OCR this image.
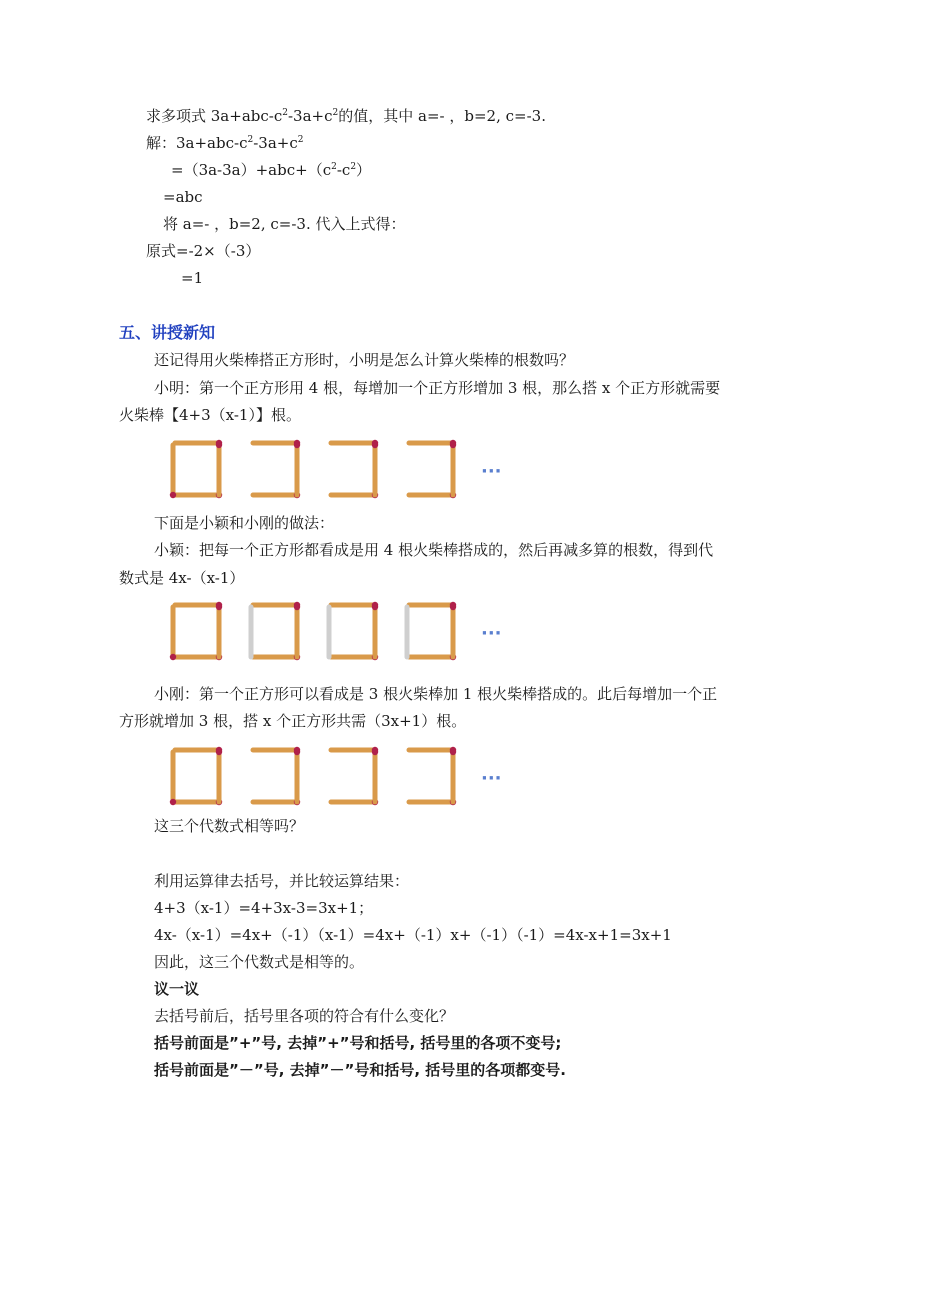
求多项式 $3a+abc-c^2-3a+c^2$的值，其中 a=- ，b=2, c=-3.
解：$3a+abc-c^2-3a+c^2$
$=(3a-3a)+abc+(c^2-c^2)$
=abc
将 a=- ，b=2, c=-3. 代入上式得：
原式=-2×（-3）
=1
五、讲授新知
还记得用火柴棒搭正方形时，小明是怎么计算火柴棒的根数吗？
小明：第一个正方形用 4 根，每增加一个正方形增加 3 根，那么搭 x 个正方形就需要
火柴棒【4+3（x-1）】根。
···
下面是小颖和小刚的做法：
小颖：把每一个正方形都看成是用 4 根火柴棒搭成的，然后再减多算的根数，得到代
数式是 4x-（x-1）
···
小刚：第一个正方形可以看成是 3 根火柴棒加 1 根火柴棒搭成的。此后每增加一个正
方形就增加 3 根，搭 x 个正方形共需（3x+1）根。
···
这三个代数式相等吗？
利用运算律去括号，并比较运算结果：
4+3（x-1）=4+3x-3=3x+1；
4x-（x-1）=4x+（-1）（x-1）=4x+（-1）x+（-1）（-1）=4x-x+1=3x+1
因此，这三个代数式是相等的。
议一议
去括号前后，括号里各项的符合有什么变化？
括号前面是”+”号, 去掉”+”号和括号, 括号里的各项不变号;
括号前面是”－”号, 去掉”－”号和括号, 括号里的各项都变号.
